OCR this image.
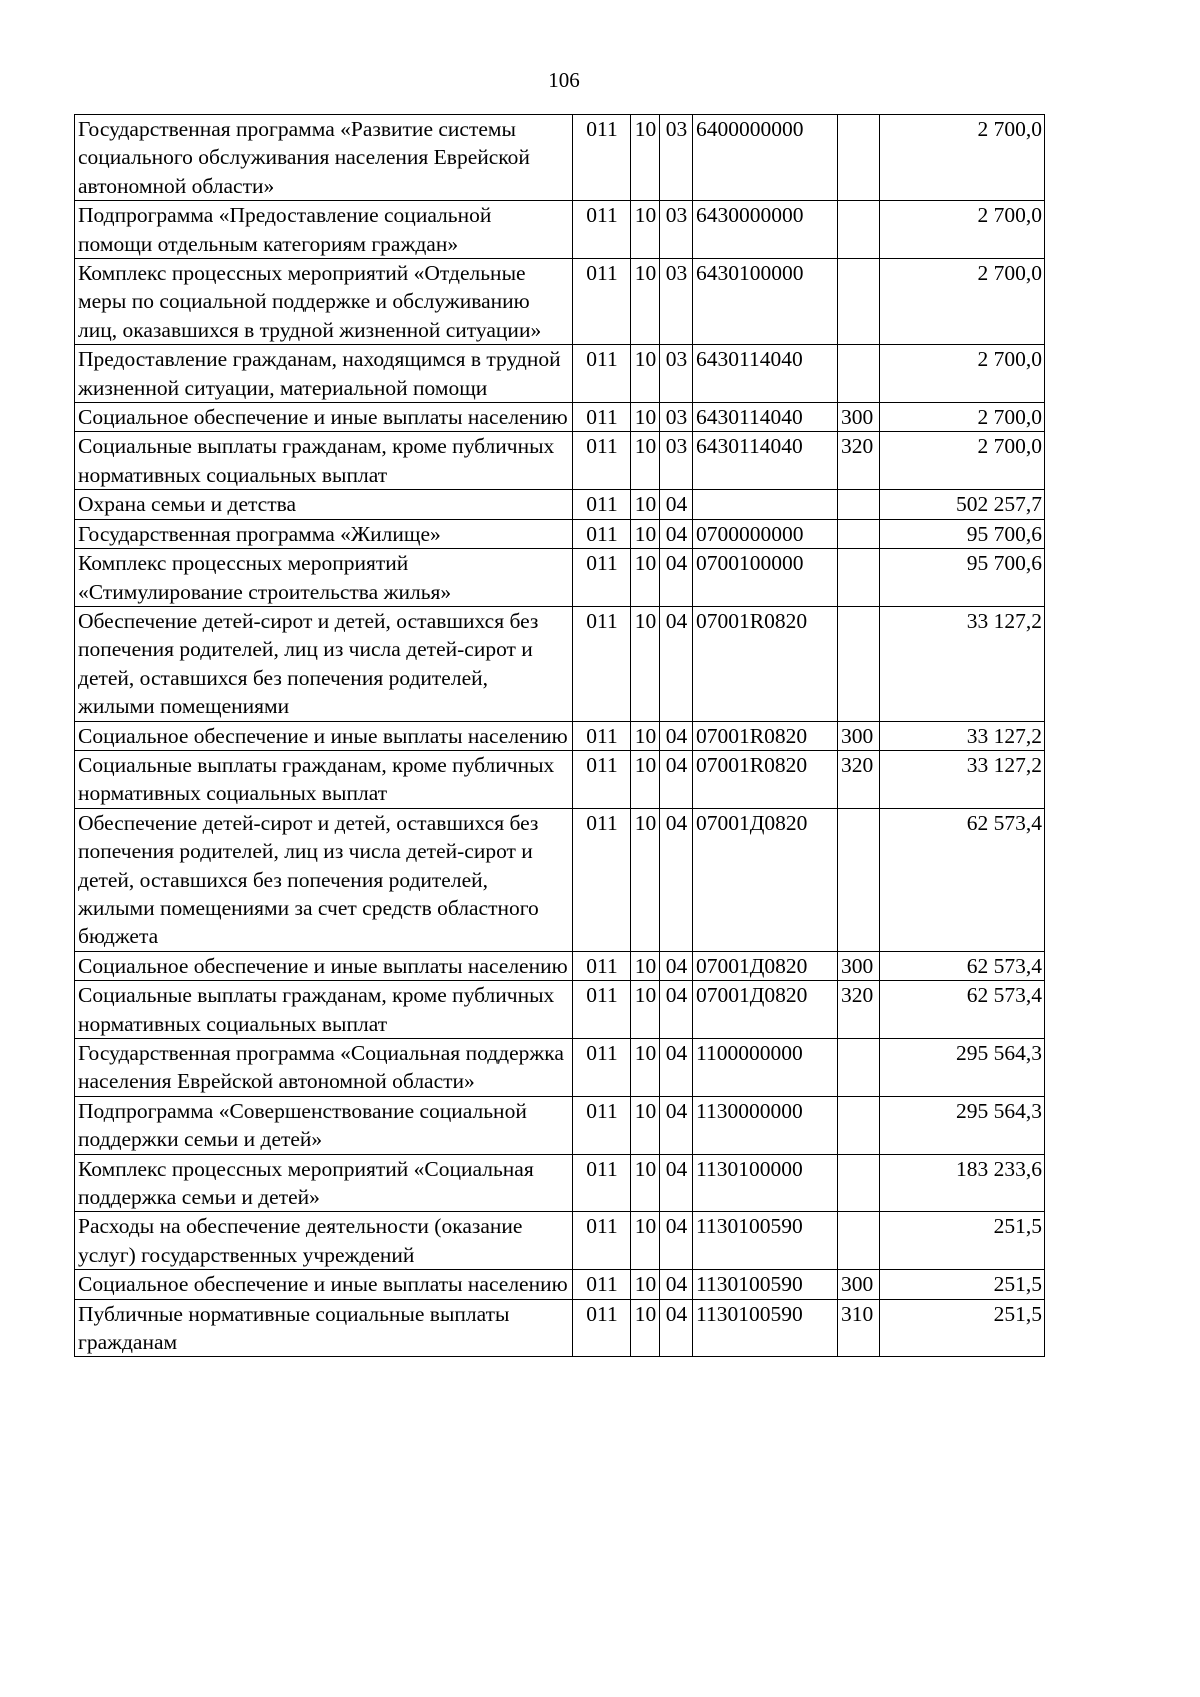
106
Государственная программа «Развитие системы социального обслуживания населения Еврейской автономной области»	011	10	03	6400000000		2 700,0
Подпрограмма «Предоставление социальной помощи отдельным категориям граждан»	011	10	03	6430000000		2 700,0
Комплекс процессных мероприятий «Отдельные меры по социальной поддержке и обслуживанию лиц, оказавшихся в трудной жизненной ситуации»	011	10	03	6430100000		2 700,0
Предоставление гражданам, находящимся в трудной жизненной ситуации, материальной помощи	011	10	03	6430114040		2 700,0
Социальное обеспечение и иные выплаты населению	011	10	03	6430114040	300	2 700,0
Социальные выплаты гражданам, кроме публичных нормативных социальных выплат	011	10	03	6430114040	320	2 700,0
Охрана семьи и детства	011	10	04			502 257,7
Государственная программа «Жилище»	011	10	04	0700000000		95 700,6
Комплекс процессных мероприятий «Стимулирование строительства жилья»	011	10	04	0700100000		95 700,6
Обеспечение детей-сирот и детей, оставшихся без попечения родителей, лиц из числа детей-сирот и детей, оставшихся без попечения родителей, жилыми помещениями	011	10	04	07001R0820		33 127,2
Социальное обеспечение и иные выплаты населению	011	10	04	07001R0820	300	33 127,2
Социальные выплаты гражданам, кроме публичных нормативных социальных выплат	011	10	04	07001R0820	320	33 127,2
Обеспечение детей-сирот и детей, оставшихся без попечения родителей, лиц из числа детей-сирот и детей, оставшихся без попечения родителей, жилыми помещениями за счет средств областного бюджета	011	10	04	07001Д0820		62 573,4
Социальное обеспечение и иные выплаты населению	011	10	04	07001Д0820	300	62 573,4
Социальные выплаты гражданам, кроме публичных нормативных социальных выплат	011	10	04	07001Д0820	320	62 573,4
Государственная программа «Социальная поддержка населения Еврейской автономной области»	011	10	04	1100000000		295 564,3
Подпрограмма «Совершенствование социальной поддержки семьи и детей»	011	10	04	1130000000		295 564,3
Комплекс процессных мероприятий «Социальная поддержка семьи и детей»	011	10	04	1130100000		183 233,6
Расходы на обеспечение деятельности (оказание услуг) государственных учреждений	011	10	04	1130100590		251,5
Социальное обеспечение и иные выплаты населению	011	10	04	1130100590	300	251,5
Публичные нормативные социальные выплаты гражданам	011	10	04	1130100590	310	251,5
